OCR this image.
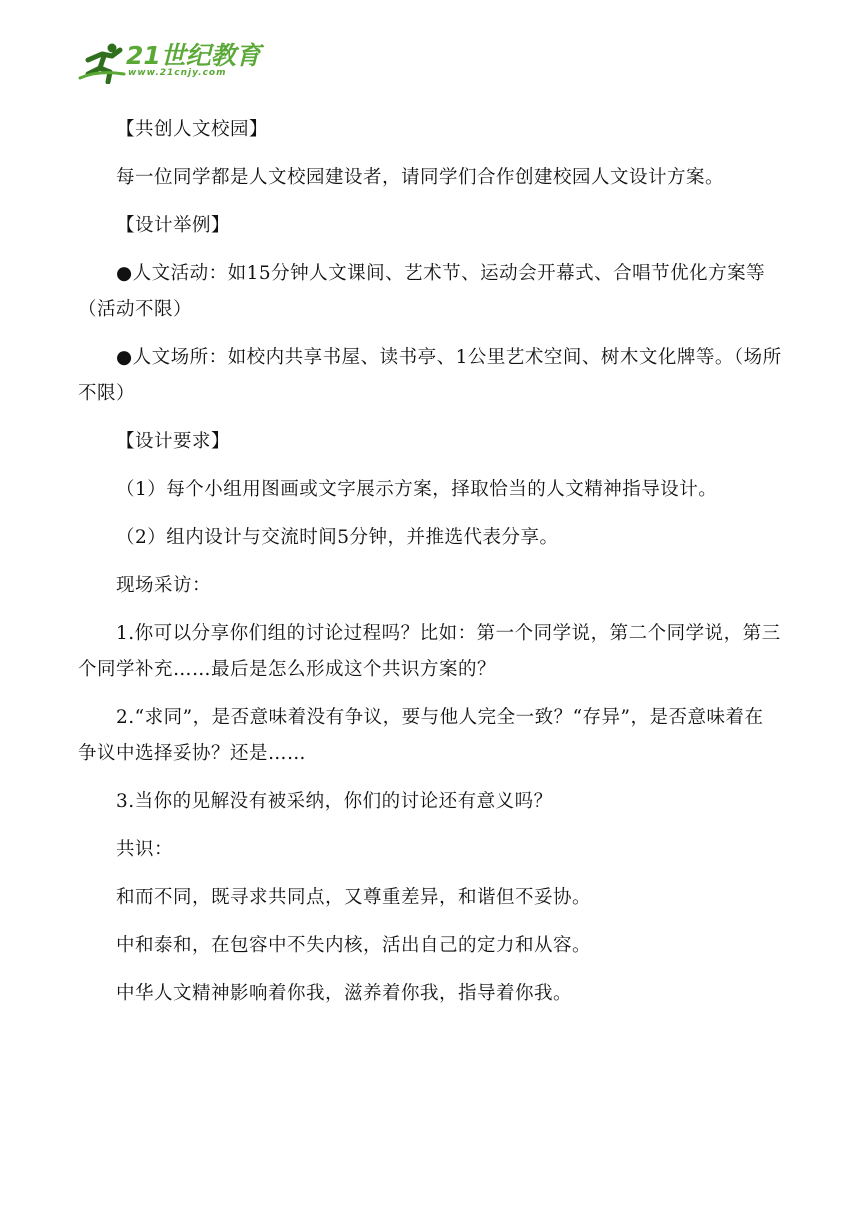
21世纪教育
www.21cnjy.com

【共创人文校园】

每一位同学都是人文校园建设者，请同学们合作创建校园人文设计方案。

【设计举例】

●人文活动：如15分钟人文课间、艺术节、运动会开幕式、合唱节优化方案等（活动不限）

●人文场所：如校内共享书屋、读书亭、1公里艺术空间、树木文化牌等。（场所不限）

【设计要求】

（1）每个小组用图画或文字展示方案，择取恰当的人文精神指导设计。

（2）组内设计与交流时间5分钟，并推选代表分享。

现场采访：

1.你可以分享你们组的讨论过程吗？比如：第一个同学说，第二个同学说，第三个同学补充……最后是怎么形成这个共识方案的？

2.“求同”，是否意味着没有争议，要与他人完全一致？“存异”，是否意味着在争议中选择妥协？还是……

3.当你的见解没有被采纳，你们的讨论还有意义吗？

共识：

和而不同，既寻求共同点，又尊重差异，和谐但不妥协。

中和泰和，在包容中不失内核，活出自己的定力和从容。

中华人文精神影响着你我，滋养着你我，指导着你我。
